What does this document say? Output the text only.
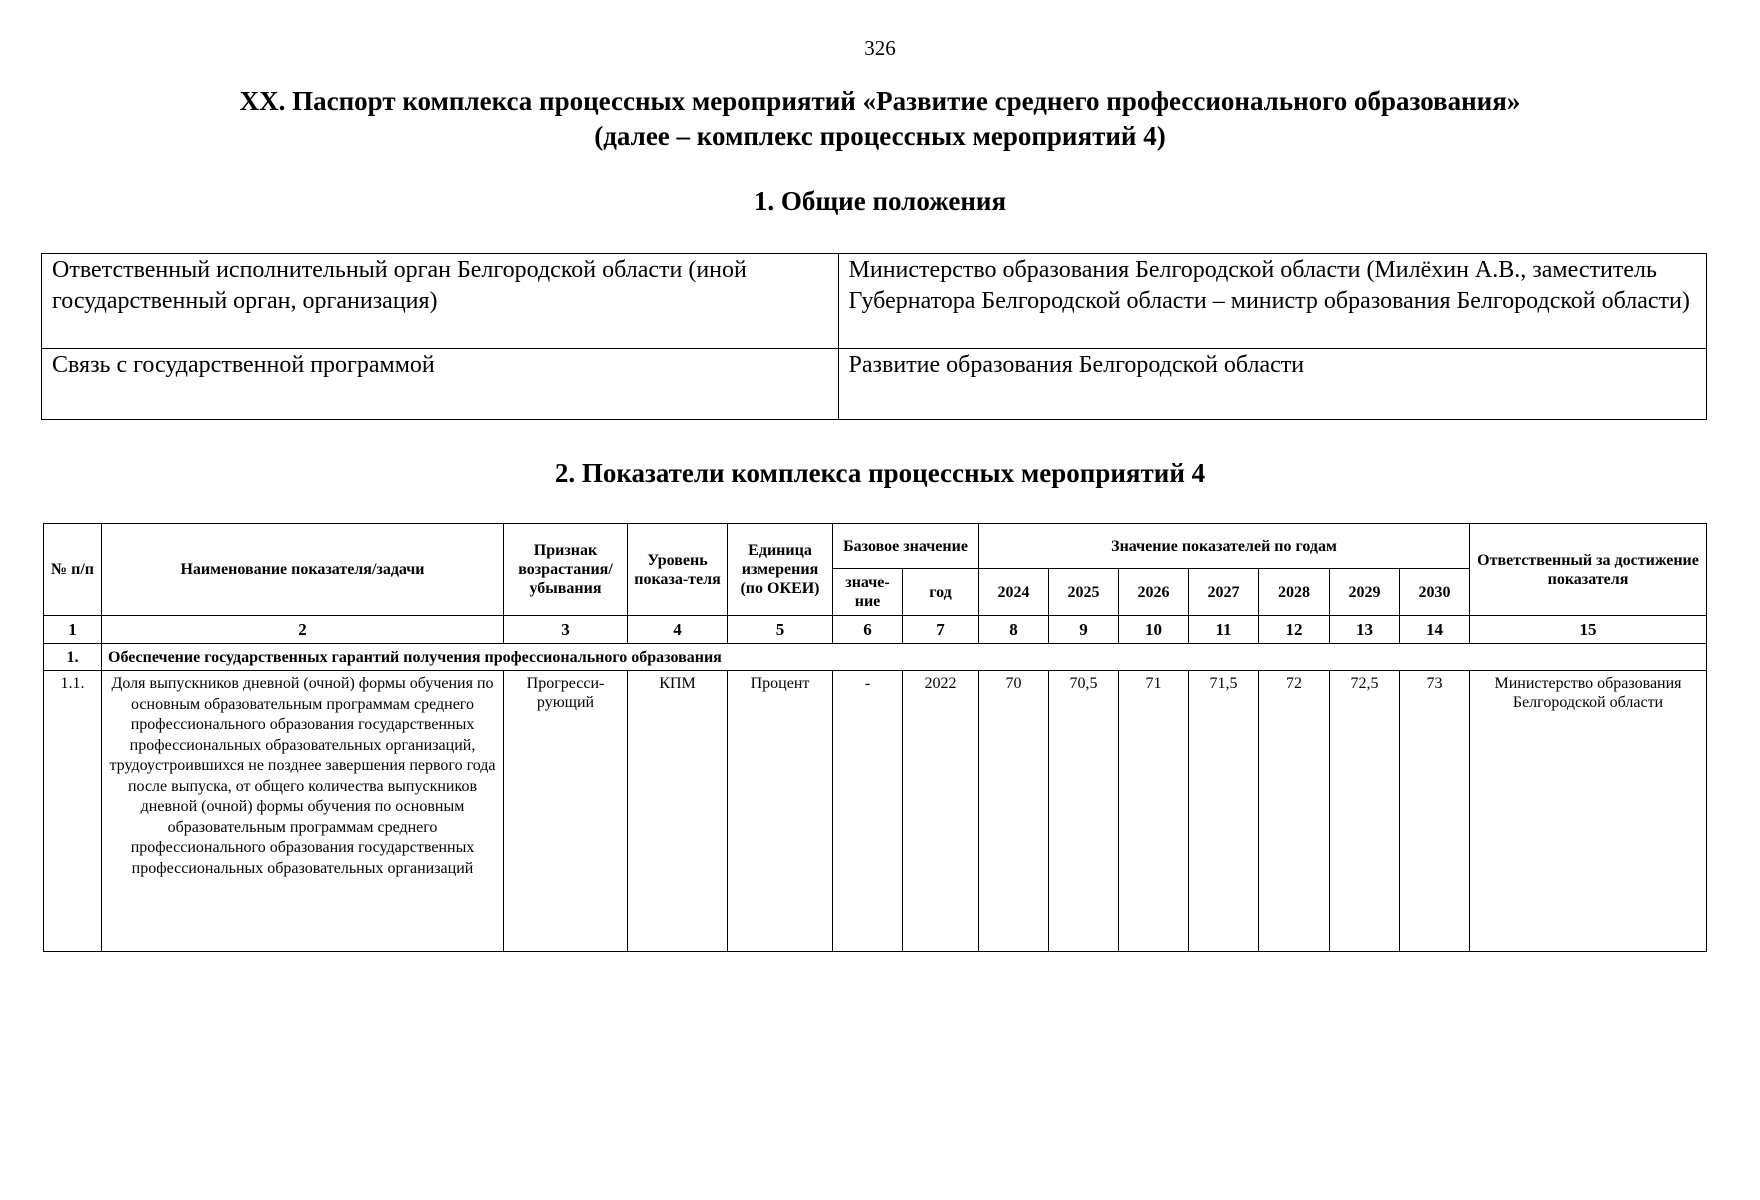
326
XX. Паспорт комплекса процессных мероприятий «Развитие среднего профессионального образования»
(далее – комплекс процессных мероприятий 4)
1. Общие положения
Ответственный исполнительный орган Белгородской области (иной государственный орган, организация)	Министерство образования Белгородской области (Милёхин А.В., заместитель Губернатора Белгородской области – министр образования Белгородской области)
Связь с государственной программой	Развитие образования Белгородской области
2. Показатели комплекса процессных мероприятий 4
№ п/п	Наименование показателя/задачи	Признак возрастания/ убывания	Уровень показа-теля	Единица измерения (по ОКЕИ)	Базовое значение		Значение показателей по годам							Ответственный за достижение показателя
					значе-ние	год	2024	2025	2026	2027	2028	2029	2030	
1	2	3	4	5	6	7	8	9	10	11	12	13	14	15
1.	Обеспечение государственных гарантий получения профессионального образования													
1.1.	Доля выпускников дневной (очной) формы обучения по основным образовательным программам среднего профессионального образования государственных профессиональных образовательных организаций, трудоустроившихся не позднее завершения первого года после выпуска, от общего количества выпускников дневной (очной) формы обучения по основным образовательным программам среднего профессионального образования государственных профессиональных образовательных организаций	Прогресси-рующий	КПМ	Процент	-	2022	70	70,5	71	71,5	72	72,5	73	Министерство образования Белгородской области
